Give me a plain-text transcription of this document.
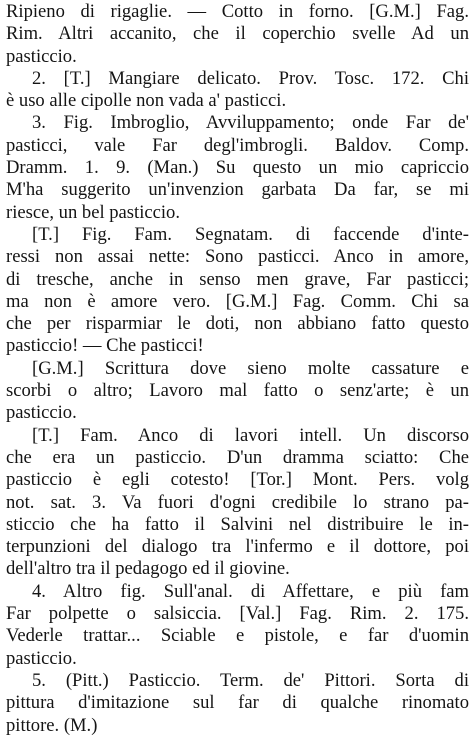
Ripieno di rigaglie. — Cotto in forno. [G.M.] Fag.
Rim. Altri accanito, che il coperchio svelle Ad un
pasticcio.
2. [T.] Mangiare delicato. Prov. Tosc. 172. Chi
è uso alle cipolle non vada a' pasticci.
3. Fig. Imbroglio, Avviluppamento; onde Far de'
pasticci, vale Far degl'imbrogli. Baldov. Comp.
Dramm. 1. 9. (Man.) Su questo un mio capriccio
M'ha suggerito un'invenzion garbata Da far, se mi
riesce, un bel pasticcio.
[T.] Fig. Fam. Segnatam. di faccende d'inte-
ressi non assai nette: Sono pasticci. Anco in amore,
di tresche, anche in senso men grave, Far pasticci;
ma non è amore vero. [G.M.] Fag. Comm. Chi sa
che per risparmiar le doti, non abbiano fatto questo
pasticcio! — Che pasticci!
[G.M.] Scrittura dove sieno molte cassature e
scorbi o altro; Lavoro mal fatto o senz'arte; è un
pasticcio.
[T.] Fam. Anco di lavori intell. Un discorso
che era un pasticcio. D'un dramma sciatto: Che
pasticcio è egli cotesto! [Tor.] Mont. Pers. volg
not. sat. 3. Va fuori d'ogni credibile lo strano pa-
sticcio che ha fatto il Salvini nel distribuire le in-
terpunzioni del dialogo tra l'infermo e il dottore, poi
dell'altro tra il pedagogo ed il giovine.
4. Altro fig. Sull'anal. di Affettare, e più fam
Far polpette o salsiccia. [Val.] Fag. Rim. 2. 175.
Vederle trattar... Sciable e pistole, e far d'uomin
pasticcio.
5. (Pitt.) Pasticcio. Term. de' Pittori. Sorta di
pittura d'imitazione sul far di qualche rinomato
pittore. (M.)
